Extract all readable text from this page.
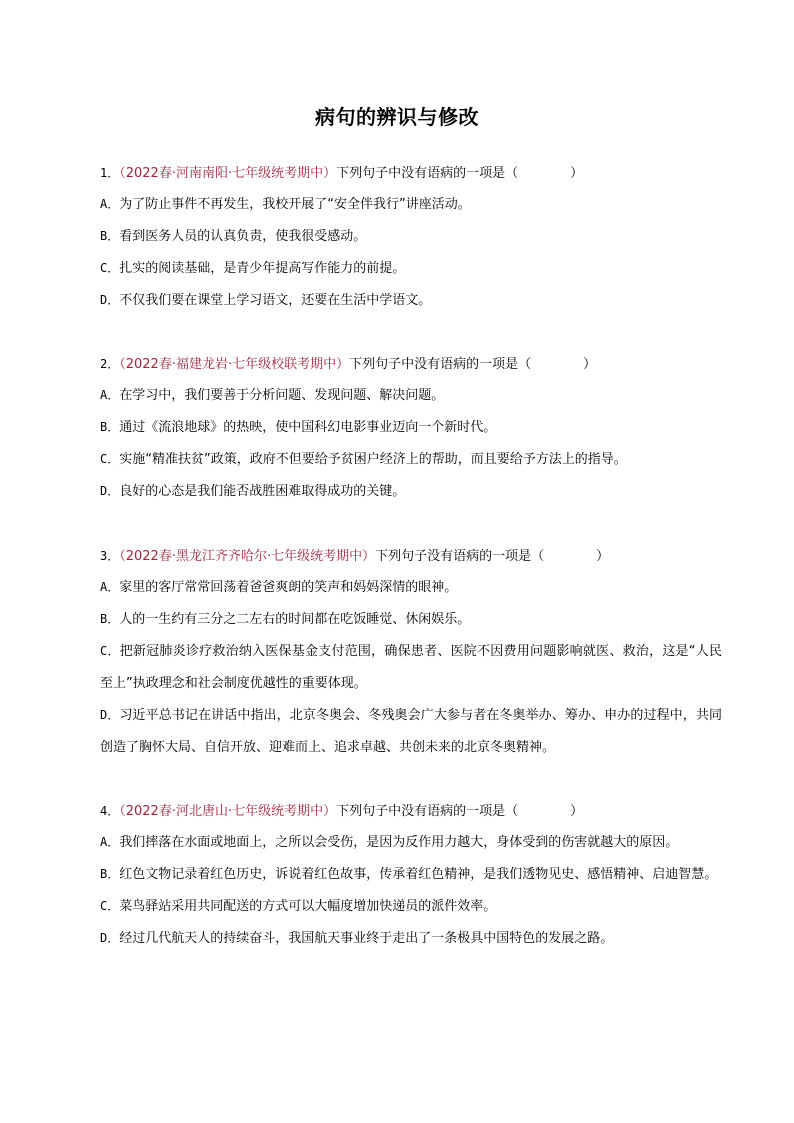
病句的辨识与修改
1．（2022春·河南南阳·七年级统考期中）下列句子中没有语病的一项是（	）
A．为了防止事件不再发生，我校开展了“安全伴我行”讲座活动。
B．看到医务人员的认真负责，使我很受感动。
C．扎实的阅读基础，是青少年提高写作能力的前提。
D．不仅我们要在课堂上学习语文，还要在生活中学语文。
2．（2022春·福建龙岩·七年级校联考期中）下列句子中没有语病的一项是（	）
A．在学习中，我们要善于分析问题、发现问题、解决问题。
B．通过《流浪地球》的热映，使中国科幻电影事业迈向一个新时代。
C．实施“精准扶贫”政策，政府不但要给予贫困户经济上的帮助，而且要给予方法上的指导。
D．良好的心态是我们能否战胜困难取得成功的关键。
3．（2022春·黑龙江齐齐哈尔·七年级统考期中）下列句子没有语病的一项是（	）
A．家里的客厅常常回荡着爸爸爽朗的笑声和妈妈深情的眼神。
B．人的一生约有三分之二左右的时间都在吃饭睡觉、休闲娱乐。
C．把新冠肺炎诊疗救治纳入医保基金支付范围，确保患者、医院不因费用问题影响就医、救治，这是“人民至上”执政理念和社会制度优越性的重要体现。
D．习近平总书记在讲话中指出，北京冬奥会、冬残奥会广大参与者在冬奥举办、筹办、申办的过程中，共同创造了胸怀大局、自信开放、迎难而上、追求卓越、共创未来的北京冬奥精神。
4．（2022春·河北唐山·七年级统考期中）下列句子中没有语病的一项是（	）
A．我们摔落在水面或地面上，之所以会受伤，是因为反作用力越大，身体受到的伤害就越大的原因。
B．红色文物记录着红色历史，诉说着红色故事，传承着红色精神，是我们透物见史、感悟精神、启迪智慧。
C．菜鸟驿站采用共同配送的方式可以大幅度增加快递员的派件效率。
D．经过几代航天人的持续奋斗，我国航天事业终于走出了一条极具中国特色的发展之路。
